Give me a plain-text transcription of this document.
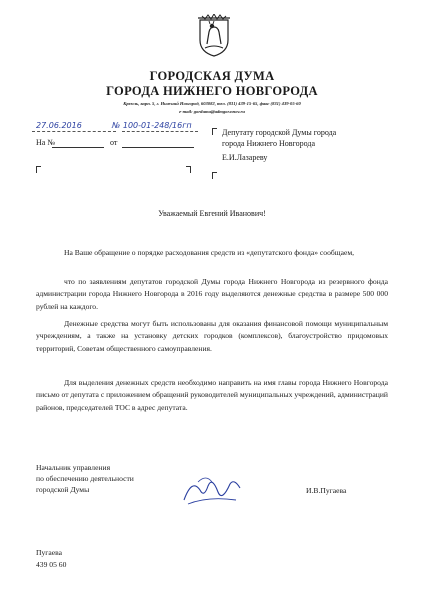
ГОРОДСКАЯ ДУМА
ГОРОДА НИЖНЕГО НОВГОРОДА
Кремль, корп. 5, г. Нижний Новгород, 603082, тел. (831) 439-15-65, факс (831) 439-05-60
e-mail: gorduma@admgor.nnov.ru
27.06.2016	№ 100-01-248/16гп
На №	от
Депутату городской Думы города
города Нижнего Новгорода
Е.И.Лазареву
Уважаемый Евгений Иванович!
На Ваше обращение о порядке расходования средств из «депутатского фонда» сообщаем,
что по заявлениям депутатов городской Думы города Нижнего Новгорода из резервного фонда администрации города Нижнего Новгорода в 2016 году выделяются денежные средства в размере 500 000 рублей на каждого.
Денежные средства могут быть использованы для оказания финансовой помощи муниципальным учреждениям, а также на установку детских городков (комплексов), благоустройство придомовых территорий, Советам общественного самоуправления.
Для выделения денежных средств необходимо направить на имя главы города Нижнего Новгорода письмо от депутата с приложением обращений руководителей муниципальных учреждений, администраций районов, председателей ТОС в адрес депутата.
Начальник управления
по обеспечению деятельности
городской Думы	И.В.Пугаева
Пугаева
439 05 60
